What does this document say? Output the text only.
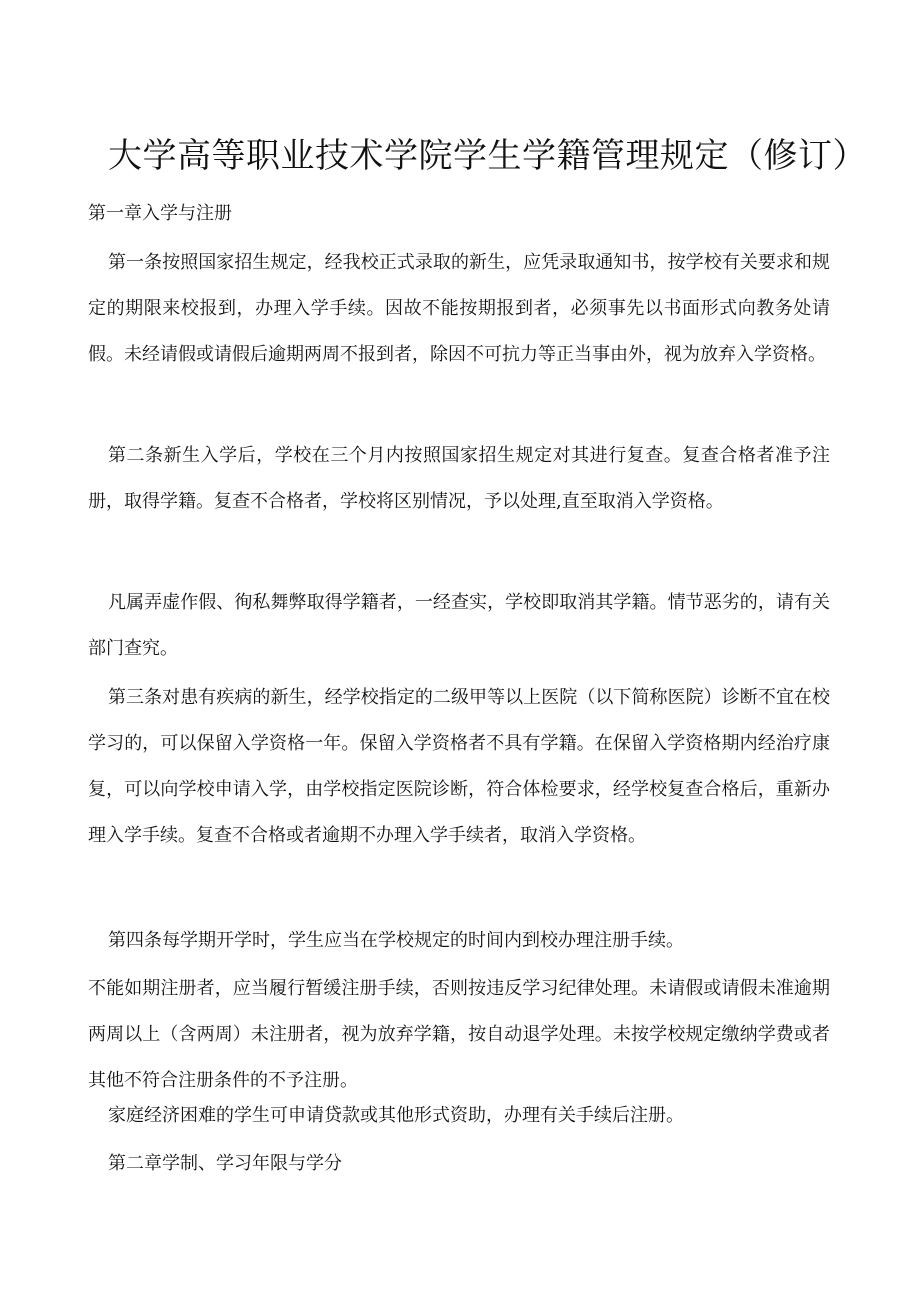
大学高等职业技术学院学生学籍管理规定（修订）

第一章入学与注册

第一条按照国家招生规定，经我校正式录取的新生，应凭录取通知书，按学校有关要求和规定的期限来校报到，办理入学手续。因故不能按期报到者，必须事先以书面形式向教务处请假。未经请假或请假后逾期两周不报到者，除因不可抗力等正当事由外，视为放弃入学资格。

第二条新生入学后，学校在三个月内按照国家招生规定对其进行复查。复查合格者准予注册，取得学籍。复查不合格者，学校将区别情况，予以处理,直至取消入学资格。

凡属弄虚作假、徇私舞弊取得学籍者，一经查实，学校即取消其学籍。情节恶劣的，请有关部门查究。

第三条对患有疾病的新生，经学校指定的二级甲等以上医院（以下简称医院）诊断不宜在校学习的，可以保留入学资格一年。保留入学资格者不具有学籍。在保留入学资格期内经治疗康复，可以向学校申请入学，由学校指定医院诊断，符合体检要求，经学校复查合格后，重新办理入学手续。复查不合格或者逾期不办理入学手续者，取消入学资格。

第四条每学期开学时，学生应当在学校规定的时间内到校办理注册手续。

不能如期注册者，应当履行暂缓注册手续，否则按违反学习纪律处理。未请假或请假未准逾期两周以上（含两周）未注册者，视为放弃学籍，按自动退学处理。未按学校规定缴纳学费或者其他不符合注册条件的不予注册。

家庭经济困难的学生可申请贷款或其他形式资助，办理有关手续后注册。

第二章学制、学习年限与学分
